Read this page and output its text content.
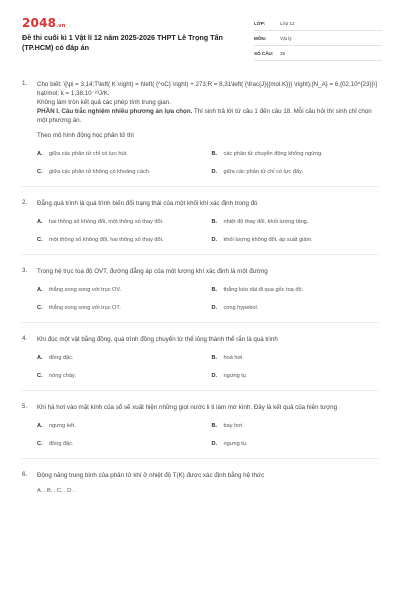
2048.vn
Đề thi cuối kì 1 Vật lí 12 năm 2025-2026 THPT Lê Trọng Tấn (TP.HCM) có đáp án
LỚP:	Lớp 12
MÔN:	Vật lý
SỐ CÂU:	28
1.	Cho biết: \[\pi = 3,14;T\left( K \right) = t\left( {^oC} \right) + 273;R = 8,31\left( {\frac{J}{{mol.K}}} \right);{N_A} = 6,{02.10^{23}}\] hạt/mol; k = 1,38.10⁻²³J/K.
Không làm tròn kết quả các phép tính trung gian.
PHẦN I. Câu trắc nghiệm nhiều phương án lựa chọn. Thí sinh trả lời từ câu 1 đến câu 18. Mỗi câu hỏi thí sinh chỉ chọn một phương án.
Theo mô hình động học phân tử thì
A.	giữa các phân tử chỉ có lực hút.	B.	các phân tử chuyển động không ngừng.
C.	giữa các phân tử không có khoảng cách.	D.	giữa các phân tử chỉ có lực đẩy.
2.	Đẳng quá trình là quá trình biến đổi trạng thái của một khối khí xác định trong đó
A.	hai thông số không đổi, một thông số thay đổi.	B.	nhiệt độ thay đổi, khối lượng tăng.
C.	một thông số không đổi, hai thông số thay đổi.	D.	khối lượng không đổi, áp suất giảm.
3.	Trong hệ trục toạ độ OVT, đường đẳng áp của một lượng khí xác định là một đường
A.	thẳng song song với trục OV.	B.	thẳng kéo dài đi qua gốc toạ độ.
C.	thẳng song song với trục OT.	D.	cong hypebol.
4.	Khi đúc một vật bằng đồng, quá trình đồng chuyển từ thể lỏng thành thể rắn là quá trình
A.	đông đặc.	B.	hoá hơi.
C.	nóng chảy.	D.	ngưng tụ.
5.	Khi hà hơi vào mặt kính của sổ sẽ xuất hiện những giọt nước li ti làm mờ kính. Đây là kết quả của hiện tượng
A.	ngưng kết.	B.	bay hơi.
C.	đông đặc.	D.	ngưng tụ.
6.	Động năng trung bình của phân tử khí ở nhiệt độ T(K) được xác định bằng hệ thức
A. . B. . C. . D. .
